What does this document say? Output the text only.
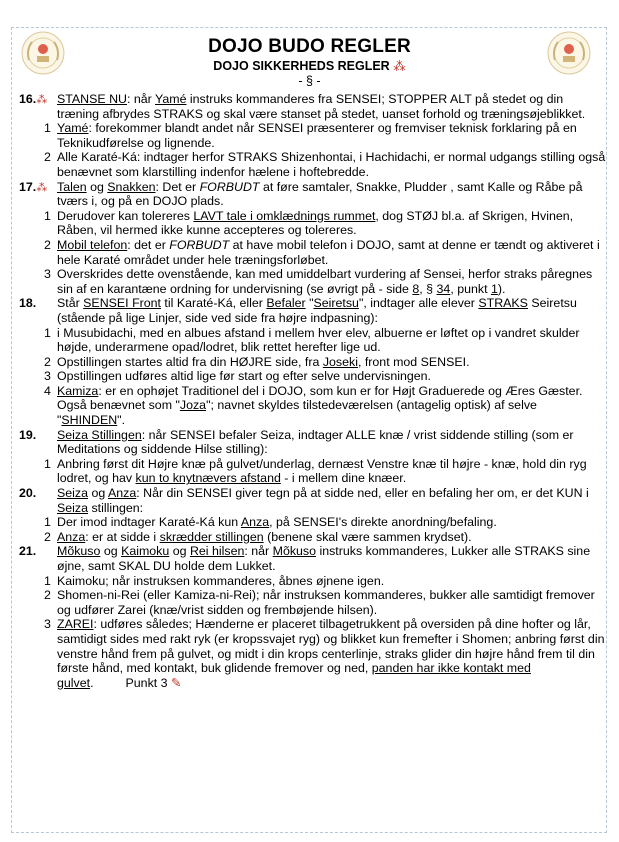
DOJO BUDO REGLER
DOJO SIKKERHEDS REGLER ⁂
- § -
16.⁂ STANSE NU: når Yamé instruks kommanderes fra SENSEI; STOPPER ALT på stedet og din træning afbrydes STRAKS og skal være stanset på stedet, uanset forhold og træningsøjeblikket.
1 Yamé: forekommer blandt andet når SENSEI præsenterer og fremviser teknisk forklaring på en Teknikudførelse og lignende.
2 Alle Karaté-Ká: indtager herfor STRAKS Shizenhontai, i Hachidachi, er normal udgangs stilling også benævnet som klarstilling indenfor hælene i hoftebredde.
17.⁂ Talen og Snakken: Det er FORBUDT at føre samtaler, Snakke, Pludder , samt Kalle og Råbe på tværs i, og på en DOJO plads.
1 Derudover kan tolereres LAVT tale i omklædnings rummet, dog STØJ bl.a. af Skrigen, Hvinen, Råben, vil hermed ikke kunne accepteres og tolereres.
2 Mobil telefon: det er FORBUDT at have mobil telefon i DOJO, samt at denne er tændt og aktiveret i hele Karaté området under hele træningsforløbet.
3 Overskrides dette ovenstående, kan med umiddelbart vurdering af Sensei, herfor straks påregnes sin af en karantæne ordning for undervisning (se øvrigt på - side 8, § 34, punkt 1).
18. Står SENSEI Front til Karaté-Ká, eller Befaler "Seiretsu", indtager alle elever STRAKS Seiretsu (stående på lige Linjer, side ved side fra højre indpasning):
1 i Musubidachi, med en albues afstand i mellem hver elev, albuerne er løftet op i vandret skulder højde, underarmene opad/lodret, blik rettet herefter lige ud.
2 Opstillingen startes altid fra din HØJRE side, fra Joseki, front mod SENSEI.
3 Opstillingen udføres altid lige før start og efter selve undervisningen.
4 Kamiza: er en ophøjet Traditionel del i DOJO, som kun er for Højt Graduerede og Æres Gæster. Også benævnet som "Joza"; navnet skyldes tilstedeværelsen (antagelig optisk) af selve "SHINDEN".
19. Seiza Stillingen: når SENSEI befaler Seiza, indtager ALLE knæ / vrist siddende stilling (som er Meditations og siddende Hilse stilling):
1 Anbring først dit Højre knæ på gulvet/underlag, dernæst Venstre knæ til højre - knæ, hold din ryg lodret, og hav kun to knytnævers afstand - i mellem dine knæer.
20. Seiza og Anza: Når din SENSEI giver tegn på at sidde ned, eller en befaling her om, er det KUN i Seiza stillingen:
1 Der imod indtager Karaté-Ká kun Anza, på SENSEI's direkte anordning/befaling.
2 Anza: er at sidde i skrædder stillingen (benene skal være sammen krydset).
21. Mõkuso og Kaimoku og Rei hilsen: når Mõkuso instruks kommanderes, Lukker alle STRAKS sine øjne, samt SKAL DU holde dem Lukket.
1 Kaimoku; når instruksen kommanderes, åbnes øjnene igen.
2 Shomen-ni-Rei (eller Kamiza-ni-Rei); når instruksen kommanderes, bukker alle samtidigt fremover og udfører Zarei (knæ/vrist sidden og frembøjende hilsen).
3 ZAREI: udføres således; Hænderne er placeret tilbagetrukkent på oversiden på dine hofter og lår, samtidigt sides med rakt ryk (er kropssvajet ryg) og blikket kun fremefter i Shomen; anbring først din venstre hånd frem på gulvet, og midt i din krops centerlinje, straks glider din højre hånd frem til din første hånd, med kontakt, buk glidende fremover og ned, panden har ikke kontakt med gulvet.	Punkt 3 ✎
